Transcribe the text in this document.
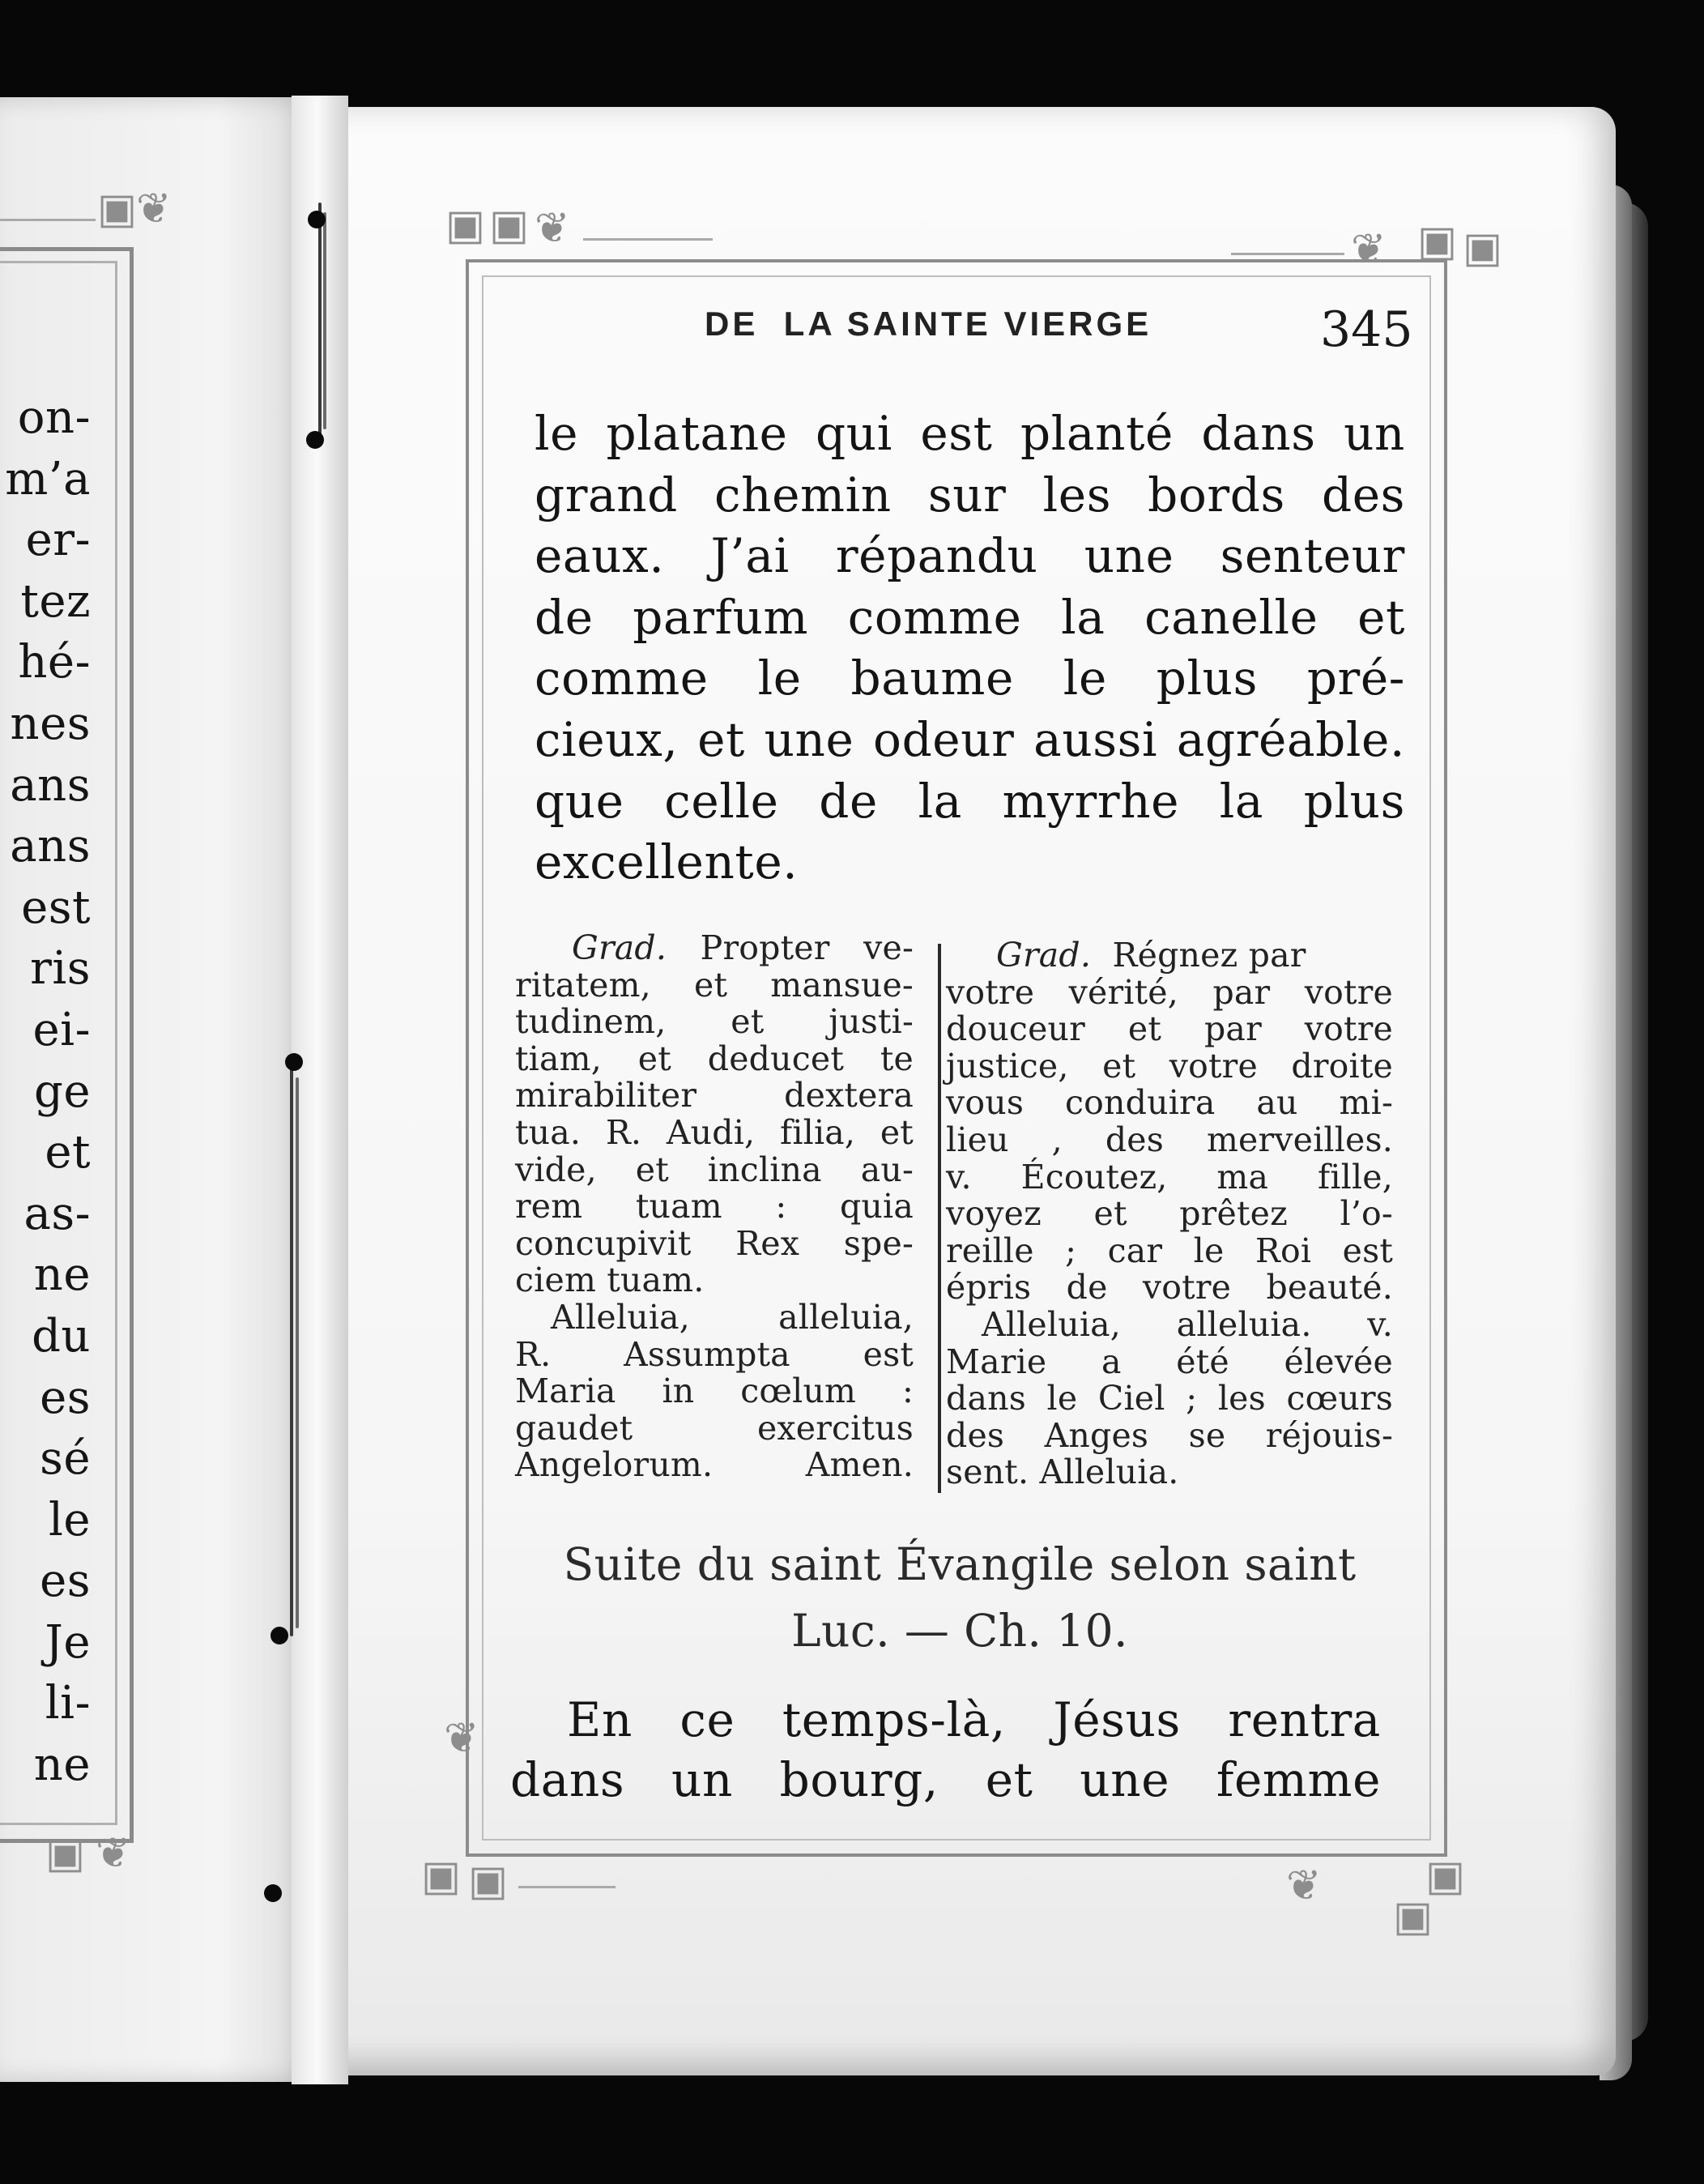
▣
❦
▣ ❦
on-
m’a
er-
tez
hé-
nes
ans
ans
est
ris
ei-
ge
et
as-
ne
du
es
sé
le
es
Je
li-
ne
▣ ▣ ❦	❦ ▣ ▣
❦
▣ ▣	❦ ▣
▣
DE  LA SAINTE VIERGE	345
le platane qui est planté dans un
grand chemin sur les bords des
eaux. J’ai répandu une senteur
de parfum comme la canelle et
comme le baume le plus pré-
cieux, et une odeur aussi agréable.
que celle de la myrrhe la plus
excellente.
Grad. Propter ve-
ritatem, et mansue-
tudinem, et justi-
tiam, et deducet te
mirabiliter dextera
tua. R. Audi, filia, et
vide, et inclina au-
rem tuam : quia
concupivit Rex spe-
ciem tuam.
Alleluia, alleluia,
R. Assumpta est
Maria in cœlum :
gaudet exercitus
Angelorum. Amen.
Grad.  Régnez par
votre vérité, par votre
douceur et par votre
justice, et votre droite
vous conduira au mi-
lieu , des merveilles.
v. Écoutez, ma fille,
voyez et prêtez l’o-
reille ; car le Roi est
épris de votre beauté.
Alleluia, alleluia. v.
Marie a été élevée
dans le Ciel ; les cœurs
des Anges se réjouis-
sent. Alleluia.
Suite du saint Évangile selon saint
Luc. — Ch. 10.
En ce temps-là, Jésus rentra
dans un bourg, et une femme
